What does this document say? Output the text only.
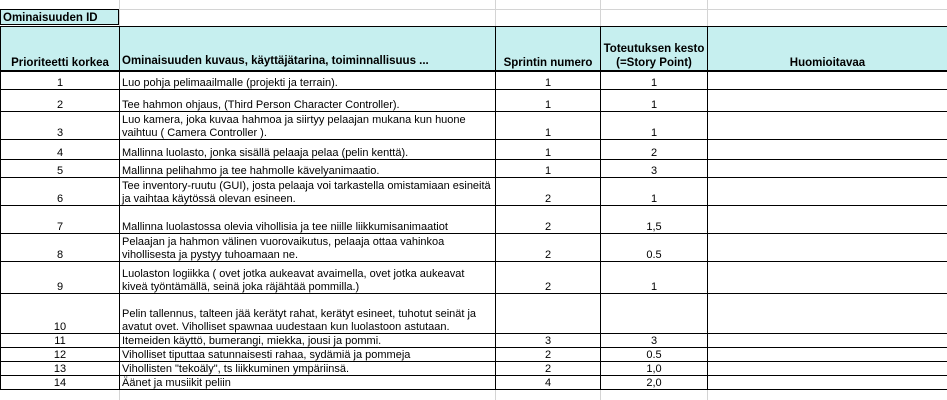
Ominaisuuden ID
Prioriteetti korkea	Ominaisuuden kuvaus, käyttäjätarina, toiminnallisuus ...	Sprintin numero	Toteutuksen kesto (=Story Point)	Huomioitavaa
1	Luo pohja pelimaailmalle (projekti ja terrain).	1	1	
2	Tee hahmon ohjaus, (Third Person Character Controller).	1	1	
3	Luo kamera, joka kuvaa hahmoa ja siirtyy pelaajan mukana kun huone vaihtuu ( Camera Controller ).	1	1	
4	Mallinna luolasto, jonka sisällä pelaaja pelaa (pelin kenttä).	1	2	
5	Mallinna pelihahmo ja tee hahmolle kävelyanimaatio.	1	3	
6	Tee inventory-ruutu (GUI), josta pelaaja voi tarkastella omistamiaan esineitä ja vaihtaa käytössä olevan esineen.	2	1	
7	Mallinna luolastossa olevia vihollisia ja tee niille liikkumisanimaatiot	2	1,5	
8	Pelaajan ja hahmon välinen vuorovaikutus, pelaaja ottaa vahinkoa vihollisesta ja pystyy tuhoamaan ne.	2	0.5	
9	Luolaston logiikka ( ovet jotka aukeavat avaimella, ovet jotka aukeavat kiveä työntämällä, seinä joka räjähtää pommilla.)	2	1	
10	Pelin tallennus, talteen jää kerätyt rahat, kerätyt esineet, tuhotut seinät ja avatut ovet. Viholliset spawnaa uudestaan kun luolastoon astutaan.			
11	Itemeiden käyttö, bumerangi, miekka, jousi ja pommi.	3	3	
12	Viholliset tiputtaa satunnaisesti rahaa, sydämiä ja pommeja	2	0.5	
13	Vihollisten "tekoäly", ts liikkuminen ympäriinsä.	2	1,0	
14	Äänet ja musiikit peliin	4	2,0	
